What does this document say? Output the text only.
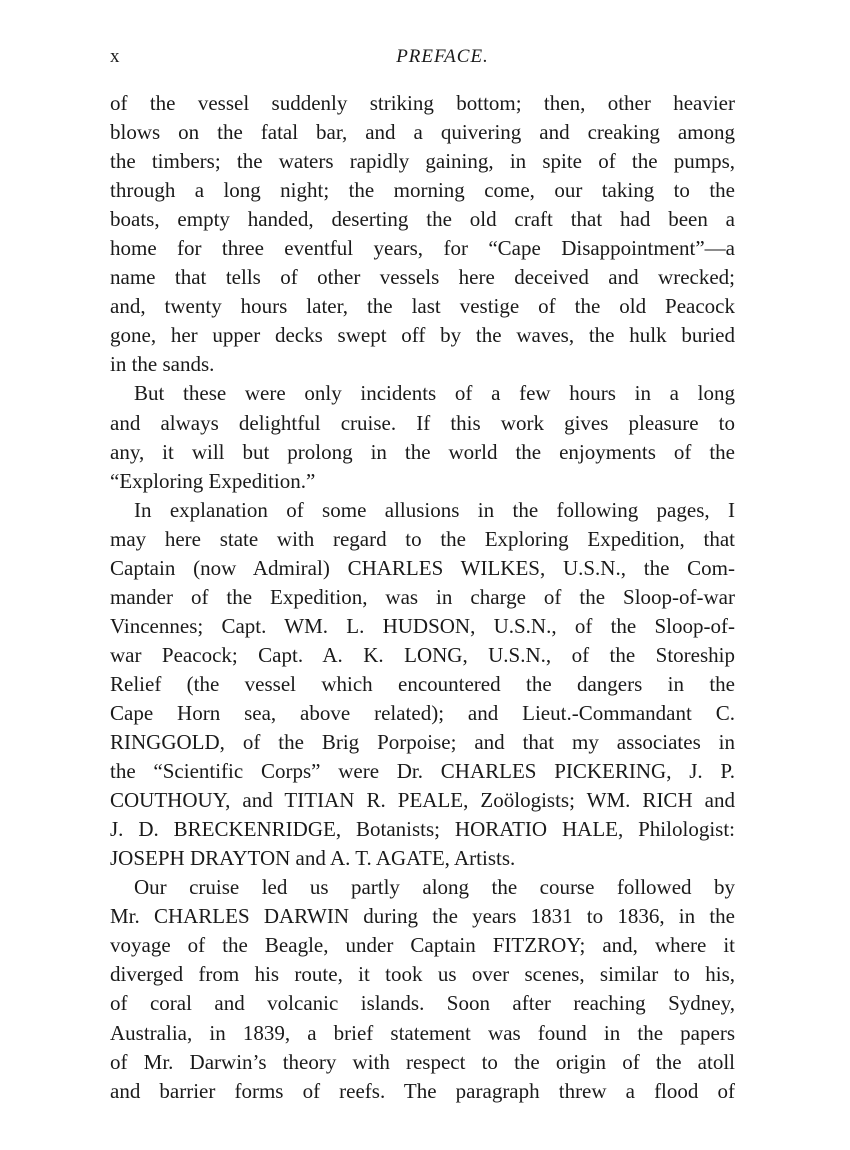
x	PREFACE.
of the vessel suddenly striking bottom; then, other heavier
blows on the fatal bar, and a quivering and creaking among
the timbers; the waters rapidly gaining, in spite of the pumps,
through a long night; the morning come, our taking to the
boats, empty handed, deserting the old craft that had been a
home for three eventful years, for “Cape Disappointment”—a
name that tells of other vessels here deceived and wrecked;
and, twenty hours later, the last vestige of the old Peacock
gone, her upper decks swept off by the waves, the hulk buried
in the sands.
But these were only incidents of a few hours in a long
and always delightful cruise. If this work gives pleasure to
any, it will but prolong in the world the enjoyments of the
“Exploring Expedition.”
In explanation of some allusions in the following pages, I
may here state with regard to the Exploring Expedition, that
Captain (now Admiral) CHARLES WILKES, U.S.N., the Com-
mander of the Expedition, was in charge of the Sloop-of-war
Vincennes; Capt. WM. L. HUDSON, U.S.N., of the Sloop-of-
war Peacock; Capt. A. K. LONG, U.S.N., of the Storeship
Relief (the vessel which encountered the dangers in the
Cape Horn sea, above related); and Lieut.-Commandant C.
RINGGOLD, of the Brig Porpoise; and that my associates in
the “Scientific Corps” were Dr. CHARLES PICKERING, J. P.
COUTHOUY, and TITIAN R. PEALE, Zoölogists; WM. RICH and
J. D. BRECKENRIDGE, Botanists; HORATIO HALE, Philologist:
JOSEPH DRAYTON and A. T. AGATE, Artists.
Our cruise led us partly along the course followed by
Mr. CHARLES DARWIN during the years 1831 to 1836, in the
voyage of the Beagle, under Captain FITZROY; and, where it
diverged from his route, it took us over scenes, similar to his,
of coral and volcanic islands. Soon after reaching Sydney,
Australia, in 1839, a brief statement was found in the papers
of Mr. Darwin’s theory with respect to the origin of the atoll
and barrier forms of reefs. The paragraph threw a flood of
